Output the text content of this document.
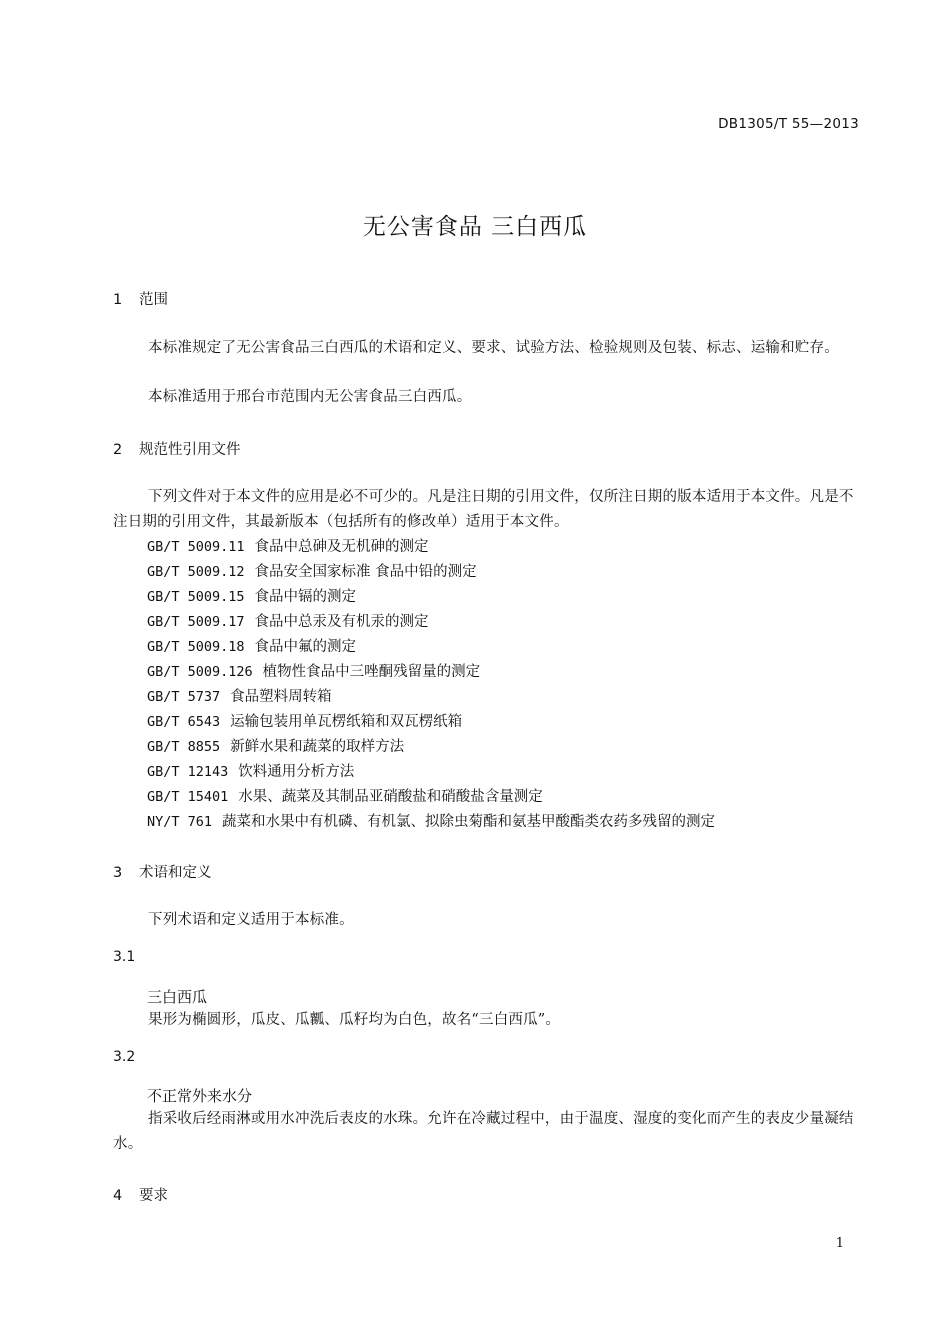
DB1305/T 55—2013
无公害食品 三白西瓜
1 范围
本标准规定了无公害食品三白西瓜的术语和定义、要求、试验方法、检验规则及包装、标志、运输和贮存。
本标准适用于邢台市范围内无公害食品三白西瓜。
2 规范性引用文件
下列文件对于本文件的应用是必不可少的。凡是注日期的引用文件，仅所注日期的版本适用于本文件。凡是不注日期的引用文件，其最新版本（包括所有的修改单）适用于本文件。
GB/T 5009.11 食品中总砷及无机砷的测定
GB/T 5009.12 食品安全国家标准 食品中铅的测定
GB/T 5009.15 食品中镉的测定
GB/T 5009.17 食品中总汞及有机汞的测定
GB/T 5009.18 食品中氟的测定
GB/T 5009.126 植物性食品中三唑酮残留量的测定
GB/T 5737 食品塑料周转箱
GB/T 6543 运输包装用单瓦楞纸箱和双瓦楞纸箱
GB/T 8855 新鲜水果和蔬菜的取样方法
GB/T 12143 饮料通用分析方法
GB/T 15401 水果、蔬菜及其制品亚硝酸盐和硝酸盐含量测定
NY/T 761 蔬菜和水果中有机磷、有机氯、拟除虫菊酯和氨基甲酸酯类农药多残留的测定
3 术语和定义
下列术语和定义适用于本标准。
3.1
三白西瓜
果形为椭圆形，瓜皮、瓜瓤、瓜籽均为白色，故名“三白西瓜”。
3.2
不正常外来水分
指采收后经雨淋或用水冲洗后表皮的水珠。允许在冷藏过程中，由于温度、湿度的变化而产生的表皮少量凝结水。
4 要求
1
